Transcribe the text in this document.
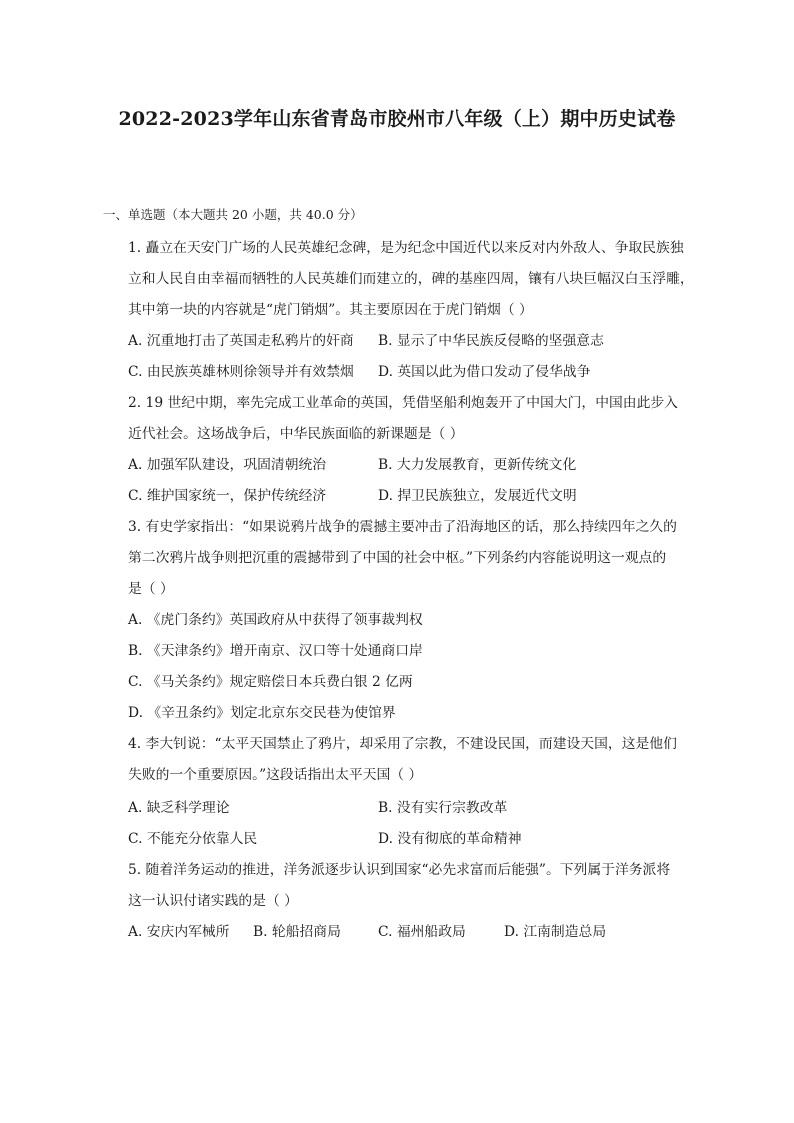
2022-2023学年山东省青岛市胶州市八年级（上）期中历史试卷
一、单选题（本大题共 20 小题，共 40.0 分）
1. 矗立在天安门广场的人民英雄纪念碑，是为纪念中国近代以来反对内外敌人、争取民族独
立和人民自由幸福而牺牲的人民英雄们而建立的，碑的基座四周，镶有八块巨幅汉白玉浮雕，
其中第一块的内容就是“虎门销烟”。其主要原因在于虎门销烟（ ）
A. 沉重地打击了英国走私鸦片的奸商 B. 显示了中华民族反侵略的坚强意志
C. 由民族英雄林则徐领导并有效禁烟 D. 英国以此为借口发动了侵华战争
2. 19 世纪中期，率先完成工业革命的英国，凭借坚船利炮轰开了中国大门，中国由此步入
近代社会。这场战争后，中华民族面临的新课题是（ ）
A. 加强军队建设，巩固清朝统治	B. 大力发展教育，更新传统文化
C. 维护国家统一，保护传统经济	D. 捍卫民族独立，发展近代文明
3. 有史学家指出：“如果说鸦片战争的震撼主要冲击了沿海地区的话，那么持续四年之久的
第二次鸦片战争则把沉重的震撼带到了中国的社会中枢。”下列条约内容能说明这一观点的
是（ ）
A. 《虎门条约》英国政府从中获得了领事裁判权
B. 《天津条约》增开南京、汉口等十处通商口岸
C. 《马关条约》规定赔偿日本兵费白银 2 亿两
D. 《辛丑条约》划定北京东交民巷为使馆界
4. 李大钊说：“太平天国禁止了鸦片，却采用了宗教，不建设民国，而建设天国，这是他们
失败的一个重要原因。”这段话指出太平天国（ ）
A. 缺乏科学理论	B. 没有实行宗教改革
C. 不能充分依靠人民	D. 没有彻底的革命精神
5. 随着洋务运动的推进，洋务派逐步认识到国家“必先求富而后能强”。下列属于洋务派将
这一认识付诸实践的是（ ）
A. 安庆内军械所 B. 轮船招商局	C. 福州船政局	D. 江南制造总局
